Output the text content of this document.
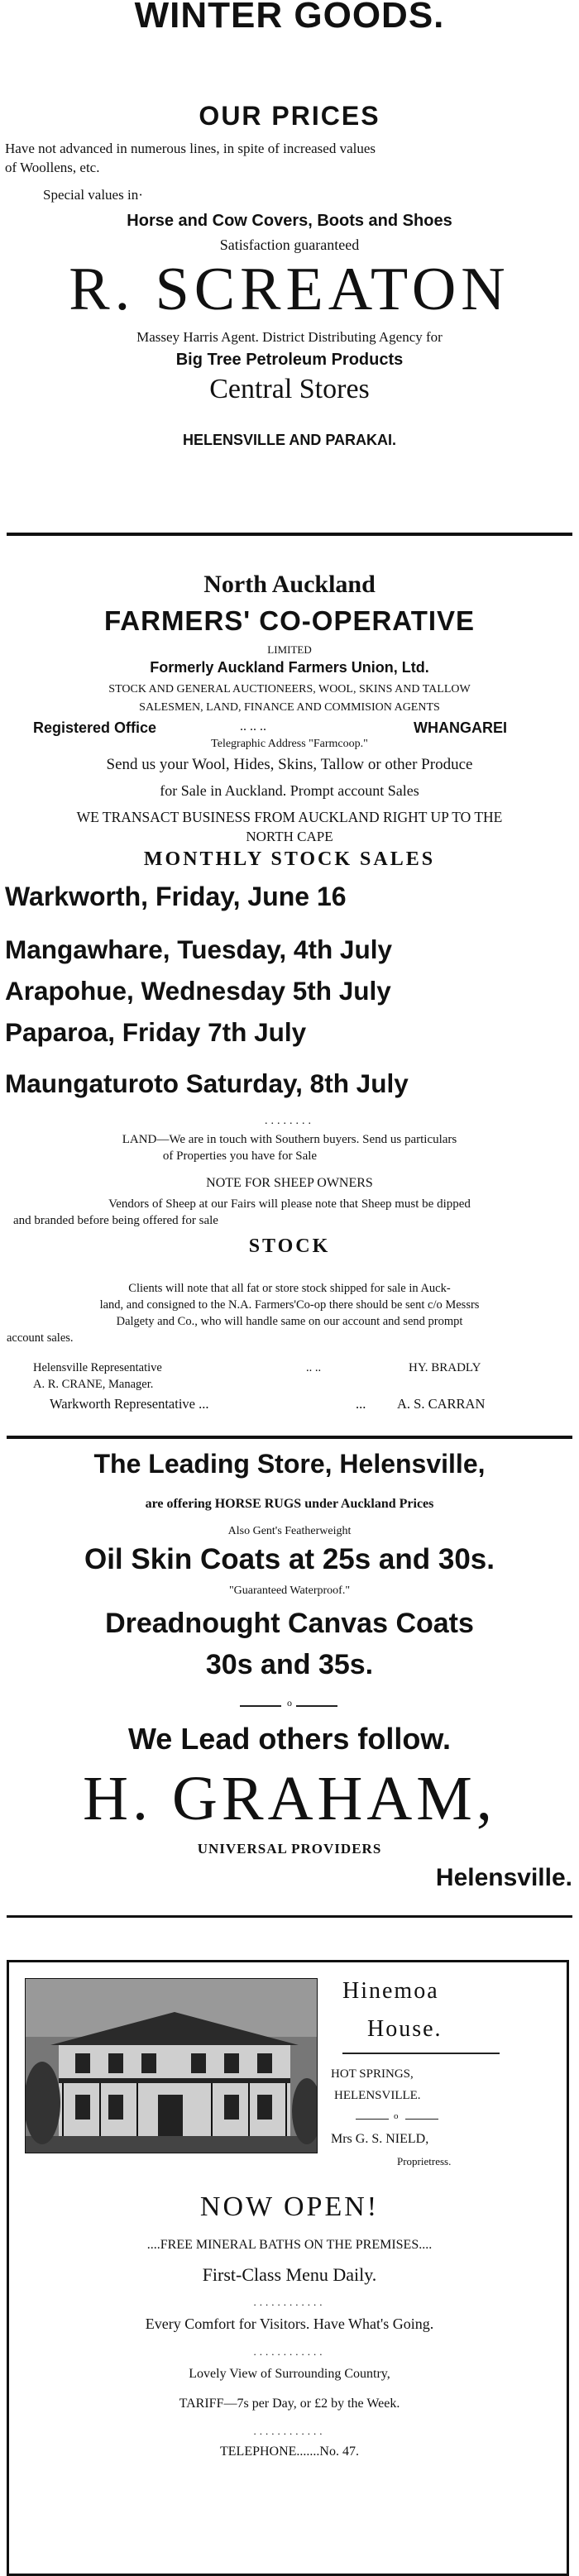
WINTER GOODS.
OUR PRICES
Have not advanced in numerous lines, in spite of increased values
of Woollens, etc.
Special values in·
Horse and Cow Covers, Boots and Shoes
Satisfaction guaranteed
R. SCREATON
Massey Harris Agent. District Distributing Agency for
Big Tree Petroleum Products
Central Stores
HELENSVILLE AND PARAKAI.
North Auckland
FARMERS' CO-OPERATIVE
LIMITED
Formerly Auckland Farmers Union, Ltd.
STOCK AND GENERAL AUCTIONEERS, WOOL, SKINS AND TALLOW
SALESMEN, LAND, FINANCE AND COMMISION AGENTS
Registered Office	.. .. ..	WHANGAREI
Telegraphic Address "Farmcoop."
Send us your Wool, Hides, Skins, Tallow or other Produce
for Sale in Auckland. Prompt account Sales
WE TRANSACT BUSINESS FROM AUCKLAND RIGHT UP TO THE
NORTH CAPE
MONTHLY STOCK SALES
Warkworth, Friday, June 16
Mangawhare, Tuesday, 4th July
Arapohue, Wednesday 5th July
Paparoa, Friday 7th July
Maungaturoto Saturday, 8th July
........
LAND—We are in touch with Southern buyers. Send us particulars
of Properties you have for Sale
NOTE FOR SHEEP OWNERS
Vendors of Sheep at our Fairs will please note that Sheep must be dipped
and branded before being offered for sale
STOCK
Clients will note that all fat or store stock shipped for sale in Auck-
land, and consigned to the N.A. Farmers'Co-op there should be sent c/o Messrs
Dalgety and Co., who will handle same on our account and send prompt
account sales.
Helensville Representative	.. ..	HY. BRADLY
A. R. CRANE, Manager.
Warkworth Representative ...	... A. S. CARRAN
The Leading Store, Helensville,
are offering HORSE RUGS under Auckland Prices
Also Gent's Featherweight
Oil Skin Coats at 25s and 30s.
"Guaranteed Waterproof."
Dreadnought Canvas Coats
30s and 35s.
o
We Lead others follow.
H. GRAHAM,
UNIVERSAL PROVIDERS
Helensville.
Hinemoa
House.
HOT SPRINGS,
HELENSVILLE.
o
Mrs G. S. NIELD,
Proprietress.
NOW OPEN!
....FREE MINERAL BATHS ON THE PREMISES....
First-Class Menu Daily.
............
Every Comfort for Visitors. Have What's Going.
............
Lovely View of Surrounding Country,
TARIFF—7s per Day, or £2 by the Week.
............
TELEPHONE.......No. 47.
